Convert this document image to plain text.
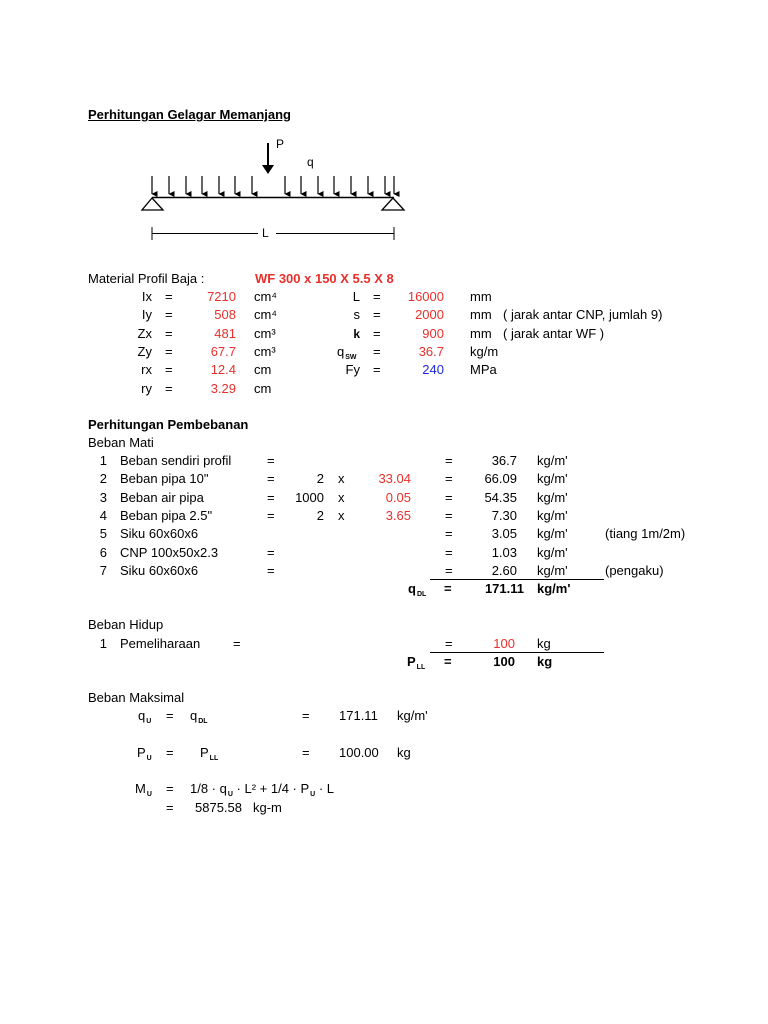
Perhitungan Gelagar Memanjang
P
q
L
Material Profil Baja :	WF 300 x 150 X 5.5 X 8
Ix =	7210 cm⁴
Iy =	508 cm⁴
Zx =	481 cm³
Zy =	67.7 cm³
rx =	12.4 cm
ry =	3.29 cm
L =	16000 mm
s =	2000 mm ( jarak antar CNP, jumlah 9)
k =	900 mm ( jarak antar WF )
$q_{SW}$ =	36.7 kg/m
Fy =	240 MPa
Perhitungan Pembebanan
Beban Mati
1 Beban sendiri profil	=	=	36.7 kg/m'
2 Beban pipa 10"	=	2 x	33.04	=	66.09 kg/m'
3 Beban air pipa	=	1000 x	0.05	=	54.35 kg/m'
4 Beban pipa 2.5"	=	2 x	3.65	=	7.30 kg/m'
5 Siku 60x60x6	=	3.05 kg/m'	(tiang 1m/2m)
6 CNP 100x50x2.3	=	=	1.03 kg/m'
7 Siku 60x60x6	=	=	2.60 kg/m'	(pengaku)
$q_{DL}$ =	171.11 kg/m'
Beban Hidup
1 Pemeliharaan	=	=	100 kg
$P_{LL}$ =	100 kg
Beban Maksimal
$q_U = q_{DL}$	= 171.11 kg/m'
$P_U = P_{LL}$	= 100.00 kg
$M_U = 1/8 \cdot q_U \cdot L^2 + 1/4 \cdot P_U \cdot L$
= 5875.58 kg-m
